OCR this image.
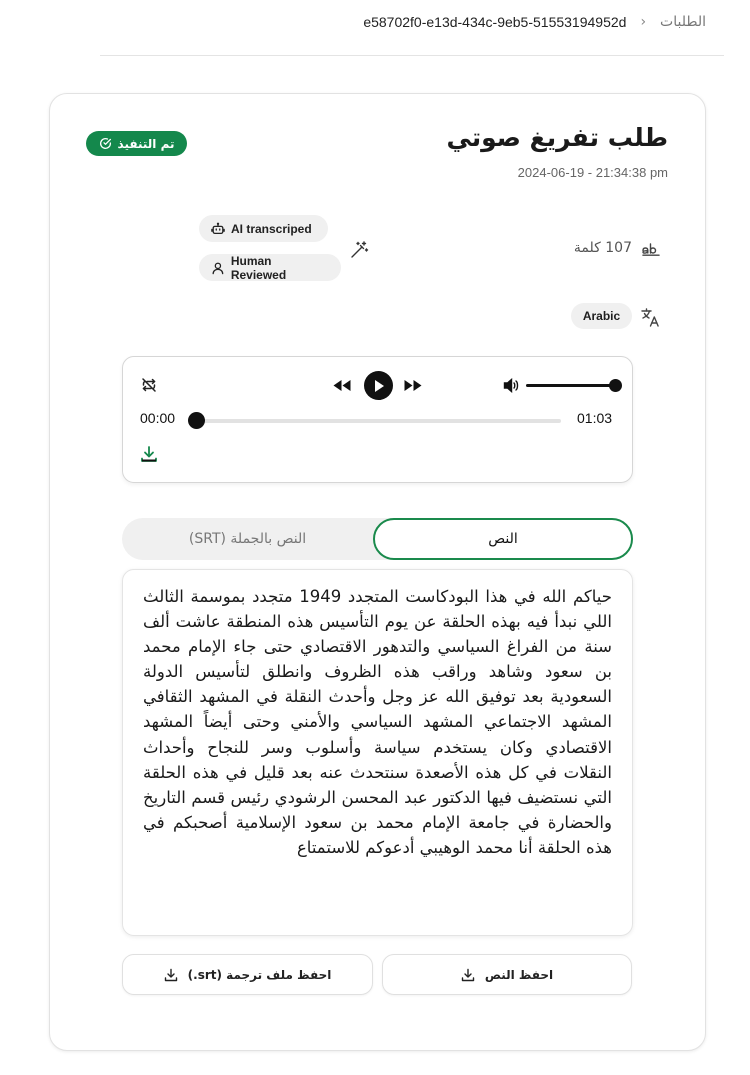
الطلبات
›
e58702f0-e13d-434c-9eb5-51553194952d
طلب تفريغ صوتي
2024-06-19 - 21:34:38 pm
تم التنفيذ
AI transcriped
Human Reviewed
107 كلمة
Arabic
00:00	01:03
النص
النص بالجملة (SRT)

حياكم الله في هذا البودكاست المتجدد 1949 متجدد بموسمة الثالث اللي نبدأ فيه بهذه الحلقة عن يوم التأسيس هذه المنطقة عاشت ألف سنة من الفراغ السياسي والتدهور الاقتصادي حتى جاء الإمام محمد بن سعود وشاهد وراقب هذه الظروف وانطلق لتأسيس الدولة السعودية بعد توفيق الله عز وجل وأحدث النقلة في المشهد الثقافي المشهد الاجتماعي المشهد السياسي والأمني وحتى أيضاً المشهد الاقتصادي وكان يستخدم سياسة وأسلوب وسر للنجاح وأحداث النقلات في كل هذه الأصعدة سنتحدث عنه بعد قليل في هذه الحلقة التي نستضيف فيها الدكتور عبد المحسن الرشودي رئيس قسم التاريخ والحضارة في جامعة الإمام محمد بن سعود الإسلامية أصحبكم في هذه الحلقة أنا محمد الوهيبي أدعوكم للاستمتاع

احفظ النص
احفظ ملف ترجمة (srt.)
